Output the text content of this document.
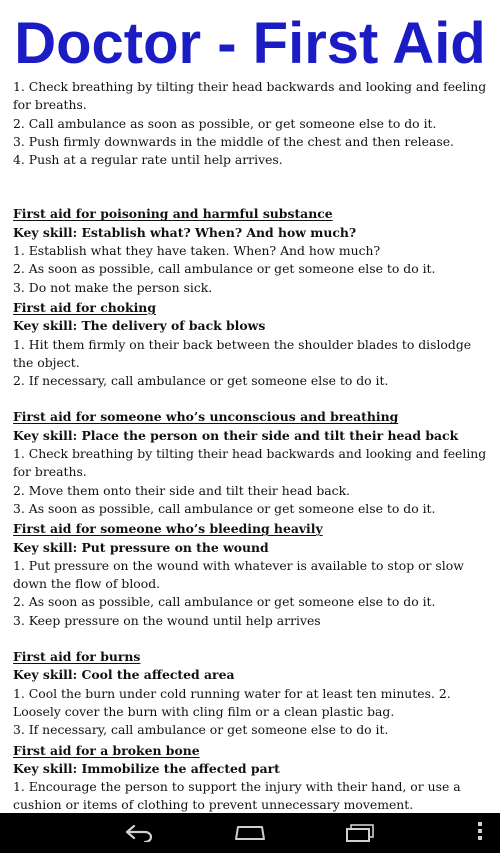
Doctor - First Aid

1. Check breathing by tilting their head backwards and looking and feeling for breaths.

2. Call ambulance as soon as possible, or get someone else to do it.

3. Push firmly downwards in the middle of the chest and then release.

4. Push at a regular rate until help arrives.

First aid for poisoning and harmful substance

Key skill: Establish what? When? And how much?

1. Establish what they have taken. When? And how much?

2. As soon as possible, call ambulance or get someone else to do it.

3. Do not make the person sick.

First aid for choking

Key skill: The delivery of back blows

1. Hit them firmly on their back between the shoulder blades to dislodge the object.

2. If necessary, call ambulance or get someone else to do it.

First aid for someone who’s unconscious and breathing

Key skill: Place the person on their side and tilt their head back

1. Check breathing by tilting their head backwards and looking and feeling for breaths.

2. Move them onto their side and tilt their head back.

3. As soon as possible, call ambulance or get someone else to do it.

First aid for someone who’s bleeding heavily

Key skill: Put pressure on the wound

1. Put pressure on the wound with whatever is available to stop or slow down the flow of blood.

2. As soon as possible, call ambulance or get someone else to do it.

3. Keep pressure on the wound until help arrives

First aid for burns

Key skill: Cool the affected area

1. Cool the burn under cold running water for at least ten minutes. 2. Loosely cover the burn with cling film or a clean plastic bag.

3. If necessary, call ambulance or get someone else to do it.

First aid for a broken bone

Key skill: Immobilize the affected part

1. Encourage the person to support the injury with their hand, or use a cushion or items of clothing to prevent unnecessary movement.
